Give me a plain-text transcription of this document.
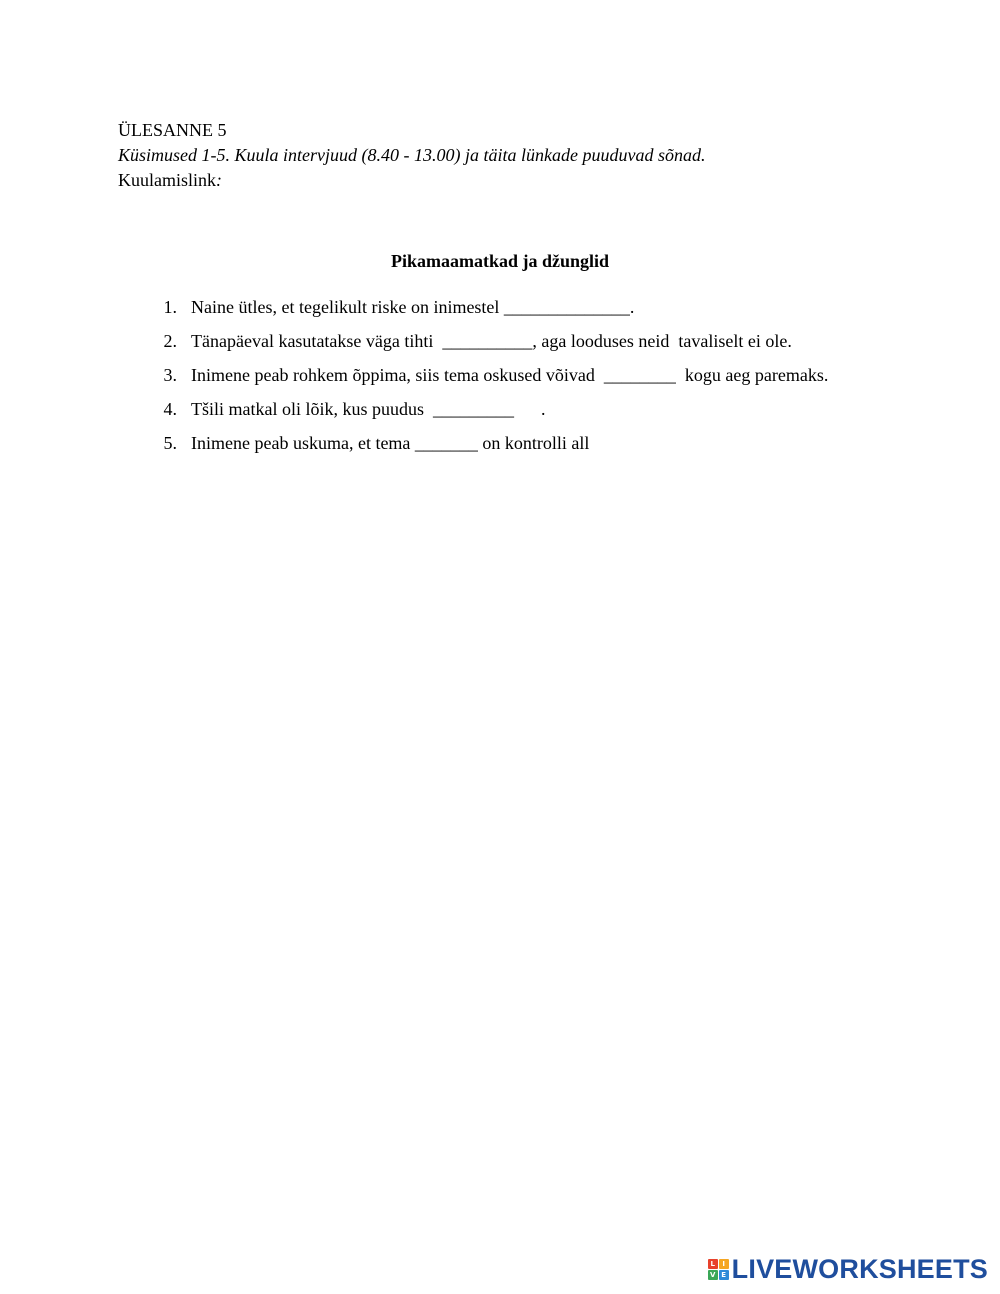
ÜLESANNE 5
Küsimused 1-5. Kuula intervjuud (8.40 - 13.00) ja täita lünkade puuduvad sõnad.
Kuulamislink:
Pikamaamatkad ja džunglid
1. Naine ütles, et tegelikult riske on inimestel ______________.
2. Tänapäeval kasutatakse väga tihti  __________, aga looduses neid  tavaliselt ei ole.
3. Inimene peab rohkem õppima, siis tema oskused võivad  ________  kogu aeg paremaks.
4. Tšili matkal oli lõik, kus puudus  _________      .
5. Inimene peab uskuma, et tema _______ on kontrolli all
L	I
V E LIVEWORKSHEETS
